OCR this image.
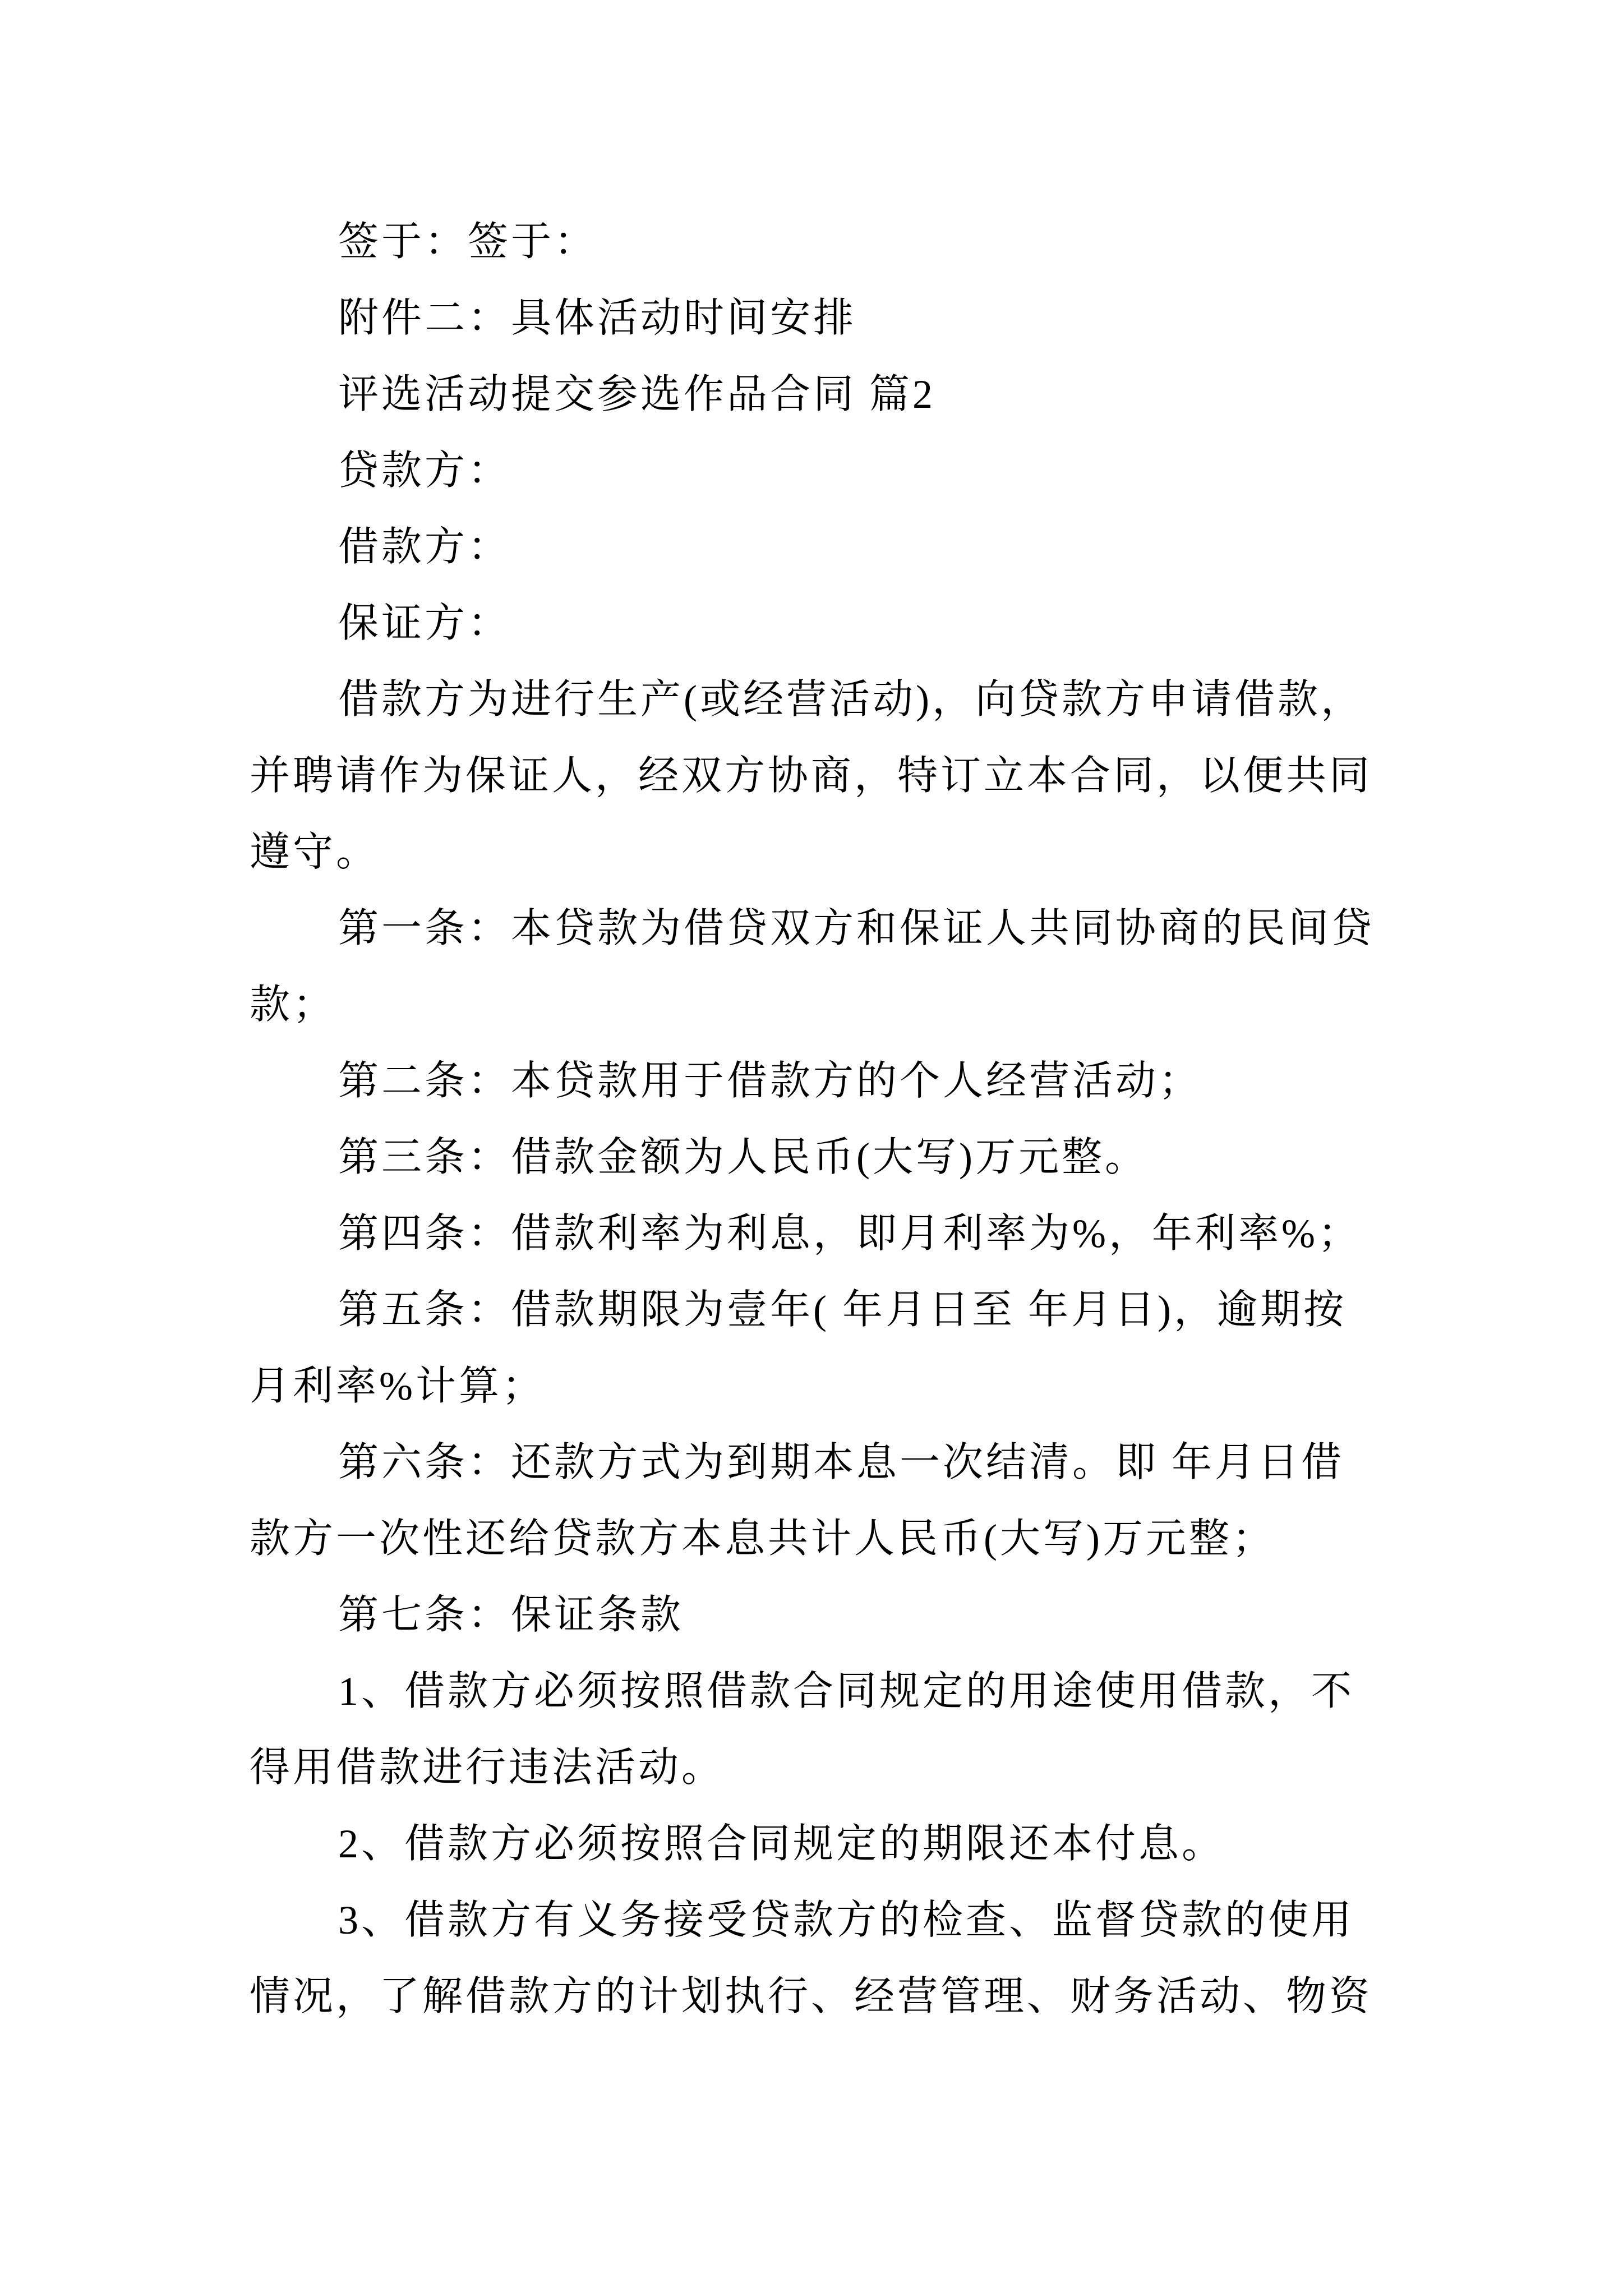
签于：签于：
附件二：具体活动时间安排
评选活动提交参选作品合同 篇2
贷款方：
借款方：
保证方：
借款方为进行生产(或经营活动)，向贷款方申请借款，
并聘请作为保证人，经双方协商，特订立本合同，以便共同
遵守。
第一条：本贷款为借贷双方和保证人共同协商的民间贷
款；
第二条：本贷款用于借款方的个人经营活动；
第三条：借款金额为人民币(大写)万元整。
第四条：借款利率为利息，即月利率为%，年利率%；
第五条：借款期限为壹年( 年月日至 年月日)，逾期按
月利率%计算；
第六条：还款方式为到期本息一次结清。即 年月日借
款方一次性还给贷款方本息共计人民币(大写)万元整；
第七条：保证条款
1、借款方必须按照借款合同规定的用途使用借款，不
得用借款进行违法活动。
2、借款方必须按照合同规定的期限还本付息。
3、借款方有义务接受贷款方的检查、监督贷款的使用
情况，了解借款方的计划执行、经营管理、财务活动、物资
